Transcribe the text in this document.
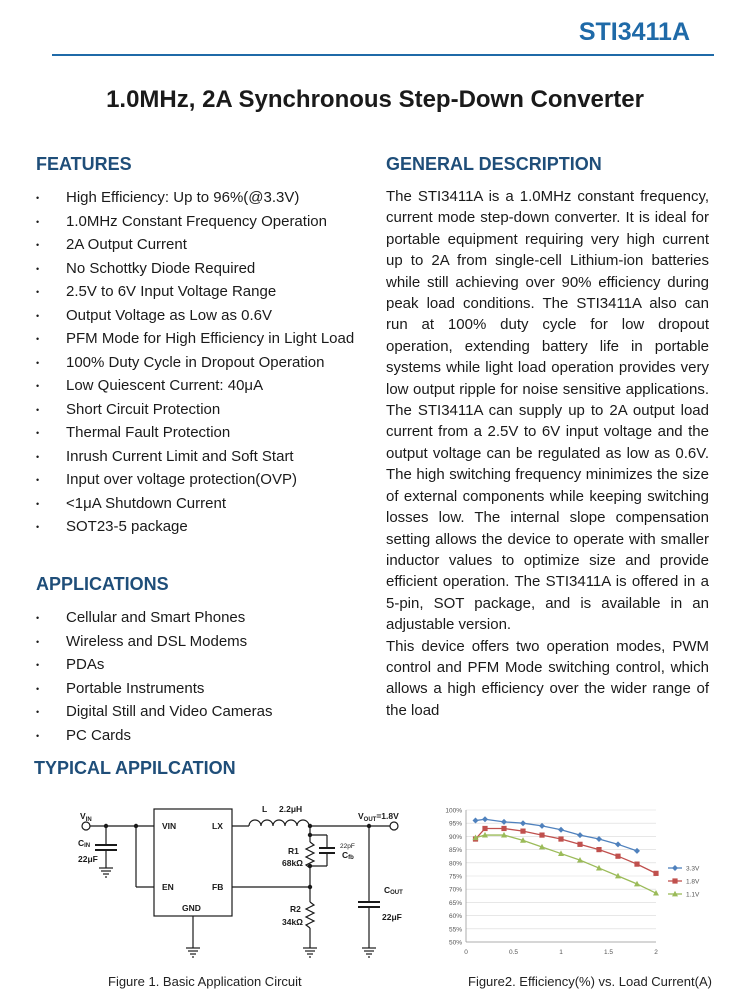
STI3411A
1.0MHz, 2A Synchronous Step-Down Converter
FEATURES
• High Efficiency: Up to 96%(@3.3V)
• 1.0MHz Constant Frequency Operation
• 2A Output Current
• No Schottky Diode Required
• 2.5V to 6V Input Voltage Range
• Output Voltage as Low as 0.6V
• PFM Mode for High Efficiency in Light Load
• 100% Duty Cycle in Dropout Operation
• Low Quiescent Current: 40μA
• Short Circuit Protection
• Thermal Fault Protection
• Inrush Current Limit and Soft Start
• Input over voltage protection(OVP)
• <1μA Shutdown Current
• SOT23-5 package
APPLICATIONS
• Cellular and Smart Phones
• Wireless and DSL Modems
• PDAs
• Portable Instruments
• Digital Still and Video Cameras
• PC Cards
GENERAL DESCRIPTION

The STI3411A is a 1.0MHz constant frequency, current mode step-down converter. It is ideal for portable equipment requiring very high current up to 2A from single-cell Lithium-ion batteries while still achieving over 90% efficiency during peak load conditions. The STI3411A also can run at 100% duty cycle for low dropout operation, extending battery life in portable systems while light load operation provides very low output ripple for noise sensitive applications. The STI3411A can supply up to 2A output load current from a 2.5V to 6V input voltage and the output voltage can be regulated as low as 0.6V. The high switching frequency minimizes the size of external components while keeping switching losses low. The internal slope compensation setting allows the device to operate with smaller inductor values to optimize size and provide efficient operation. The STI3411A is offered in a 5-pin, SOT package, and is available in an adjustable version.

This device offers two operation modes, PWM control and PFM Mode switching control, which allows a high efficiency over the wider range of the load

TYPICAL APPILCATION
$V_{IN}$
CIN
22μF
VIN	LX
EN	FB
GND
L 2.2μH
$V_{OUT}=1.8V$
R1
68kΩ
22pF
Cfb
R2
34kΩ
COUT
22μF
50%
55%
60%
65%
70%
75%
80%
85%
90%
95%
100%
0	0.5	1	1.5	2
3.3V
1.8V
1.1V
Figure 1. Basic Application Circuit	Figure2. Efficiency(%) vs. Load Current(A)
